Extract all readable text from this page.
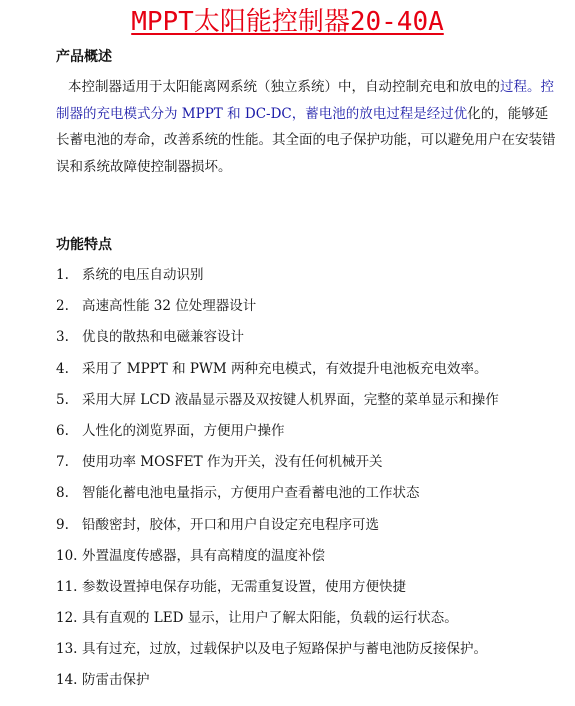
MPPT太阳能控制器20-40A
产品概述
本控制器适用于太阳能离网系统（独立系统）中，自动控制充电和放电的过程。控制器的充电模式分为 MPPT 和 DC-DC，蓄电池的放电过程是经过优化的，能够延长蓄电池的寿命，改善系统的性能。其全面的电子保护功能，可以避免用户在安装错误和系统故障使控制器损坏。
功能特点
1. 系统的电压自动识别
2. 高速高性能 32 位处理器设计
3. 优良的散热和电磁兼容设计
4. 采用了 MPPT 和 PWM 两种充电模式，有效提升电池板充电效率。
5. 采用大屏 LCD 液晶显示器及双按键人机界面，完整的菜单显示和操作
6. 人性化的浏览界面，方便用户操作
7. 使用功率 MOSFET 作为开关，没有任何机械开关
8. 智能化蓄电池电量指示，方便用户查看蓄电池的工作状态
9. 铅酸密封，胶体，开口和用户自设定充电程序可选
10. 外置温度传感器，具有高精度的温度补偿
11. 参数设置掉电保存功能，无需重复设置，使用方便快捷
12. 具有直观的 LED 显示，让用户了解太阳能，负载的运行状态。
13. 具有过充，过放，过载保护以及电子短路保护与蓄电池防反接保护。
14. 防雷击保护
